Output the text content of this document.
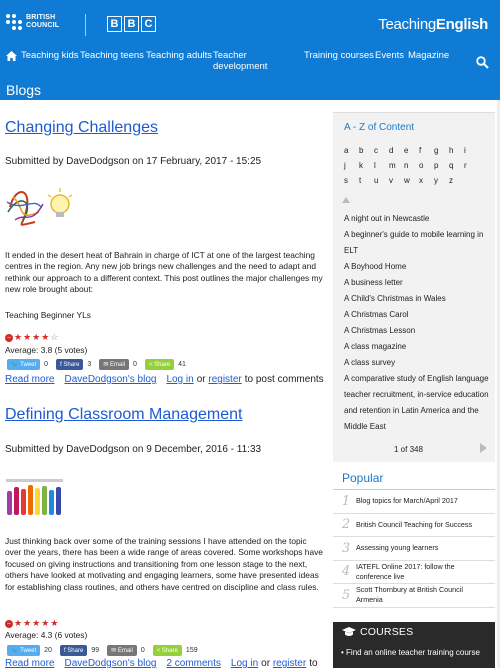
BRITISH COUNCIL	B B C	TeachingEnglish
Teaching kids Teaching teens Teaching adults Teacher development
Training courses Events Magazine
Blogs
Changing Challenges
Submitted by DaveDodgson on 17 February, 2017 - 15:25
It ended in the desert heat of Bahrain in charge of ICT at one of the largest teaching centres in the region. Any new job brings new challenges and the need to adapt and rethink our approach to a different context. This post outlines the major challenges my new role brought about:
Teaching Beginner YLs
– ★ ★ ★ ★ ☆
Average: 3.8 (5 votes)
🐦 Tweet 0	f Share 3	✉ Email 0	< Share 41
Read more DaveDodgson's blog Log in or register to post comments
Defining Classroom Management
Submitted by DaveDodgson on 9 December, 2016 - 11:33
Just thinking back over some of the training sessions I have attended on the topic over the years, there has been a wide range of areas covered. Some workshops have focused on giving instructions and transitioning from one lesson stage to the next, others have looked at motivating and engaging learners, some have presented ideas for establishing class routines, and others have centred on discipline and class rules.
– ★ ★ ★ ★ ★
Average: 4.3 (6 votes)
🐦 Tweet 20	f Share 99	✉ Email 0	< Share 159
Read more DaveDodgson's blog 2 comments Log in or register to
A - Z of Content
a	b	c	d	e	f	g	h	i
j	k	l	m	n	o	p	q	r
s	t	u	v	w	x	y	z
A night out in Newcastle
A beginner's guide to mobile learning in ELT
A Boyhood Home
A business letter
A Child's Christmas in Wales
A Christmas Carol
A Christmas Lesson
A class magazine
A class survey
A comparative study of English language teacher recruitment, in-service education and retention in Latin America and the Middle East
1 of 348
Popular
1 Blog topics for March/April 2017
2 British Council Teaching for Success
3 Assessing young learners
4 IATEFL Online 2017: follow the conference live
5 Scott Thornbury at British Council Armenia
COURSES
• Find an online teacher training course
